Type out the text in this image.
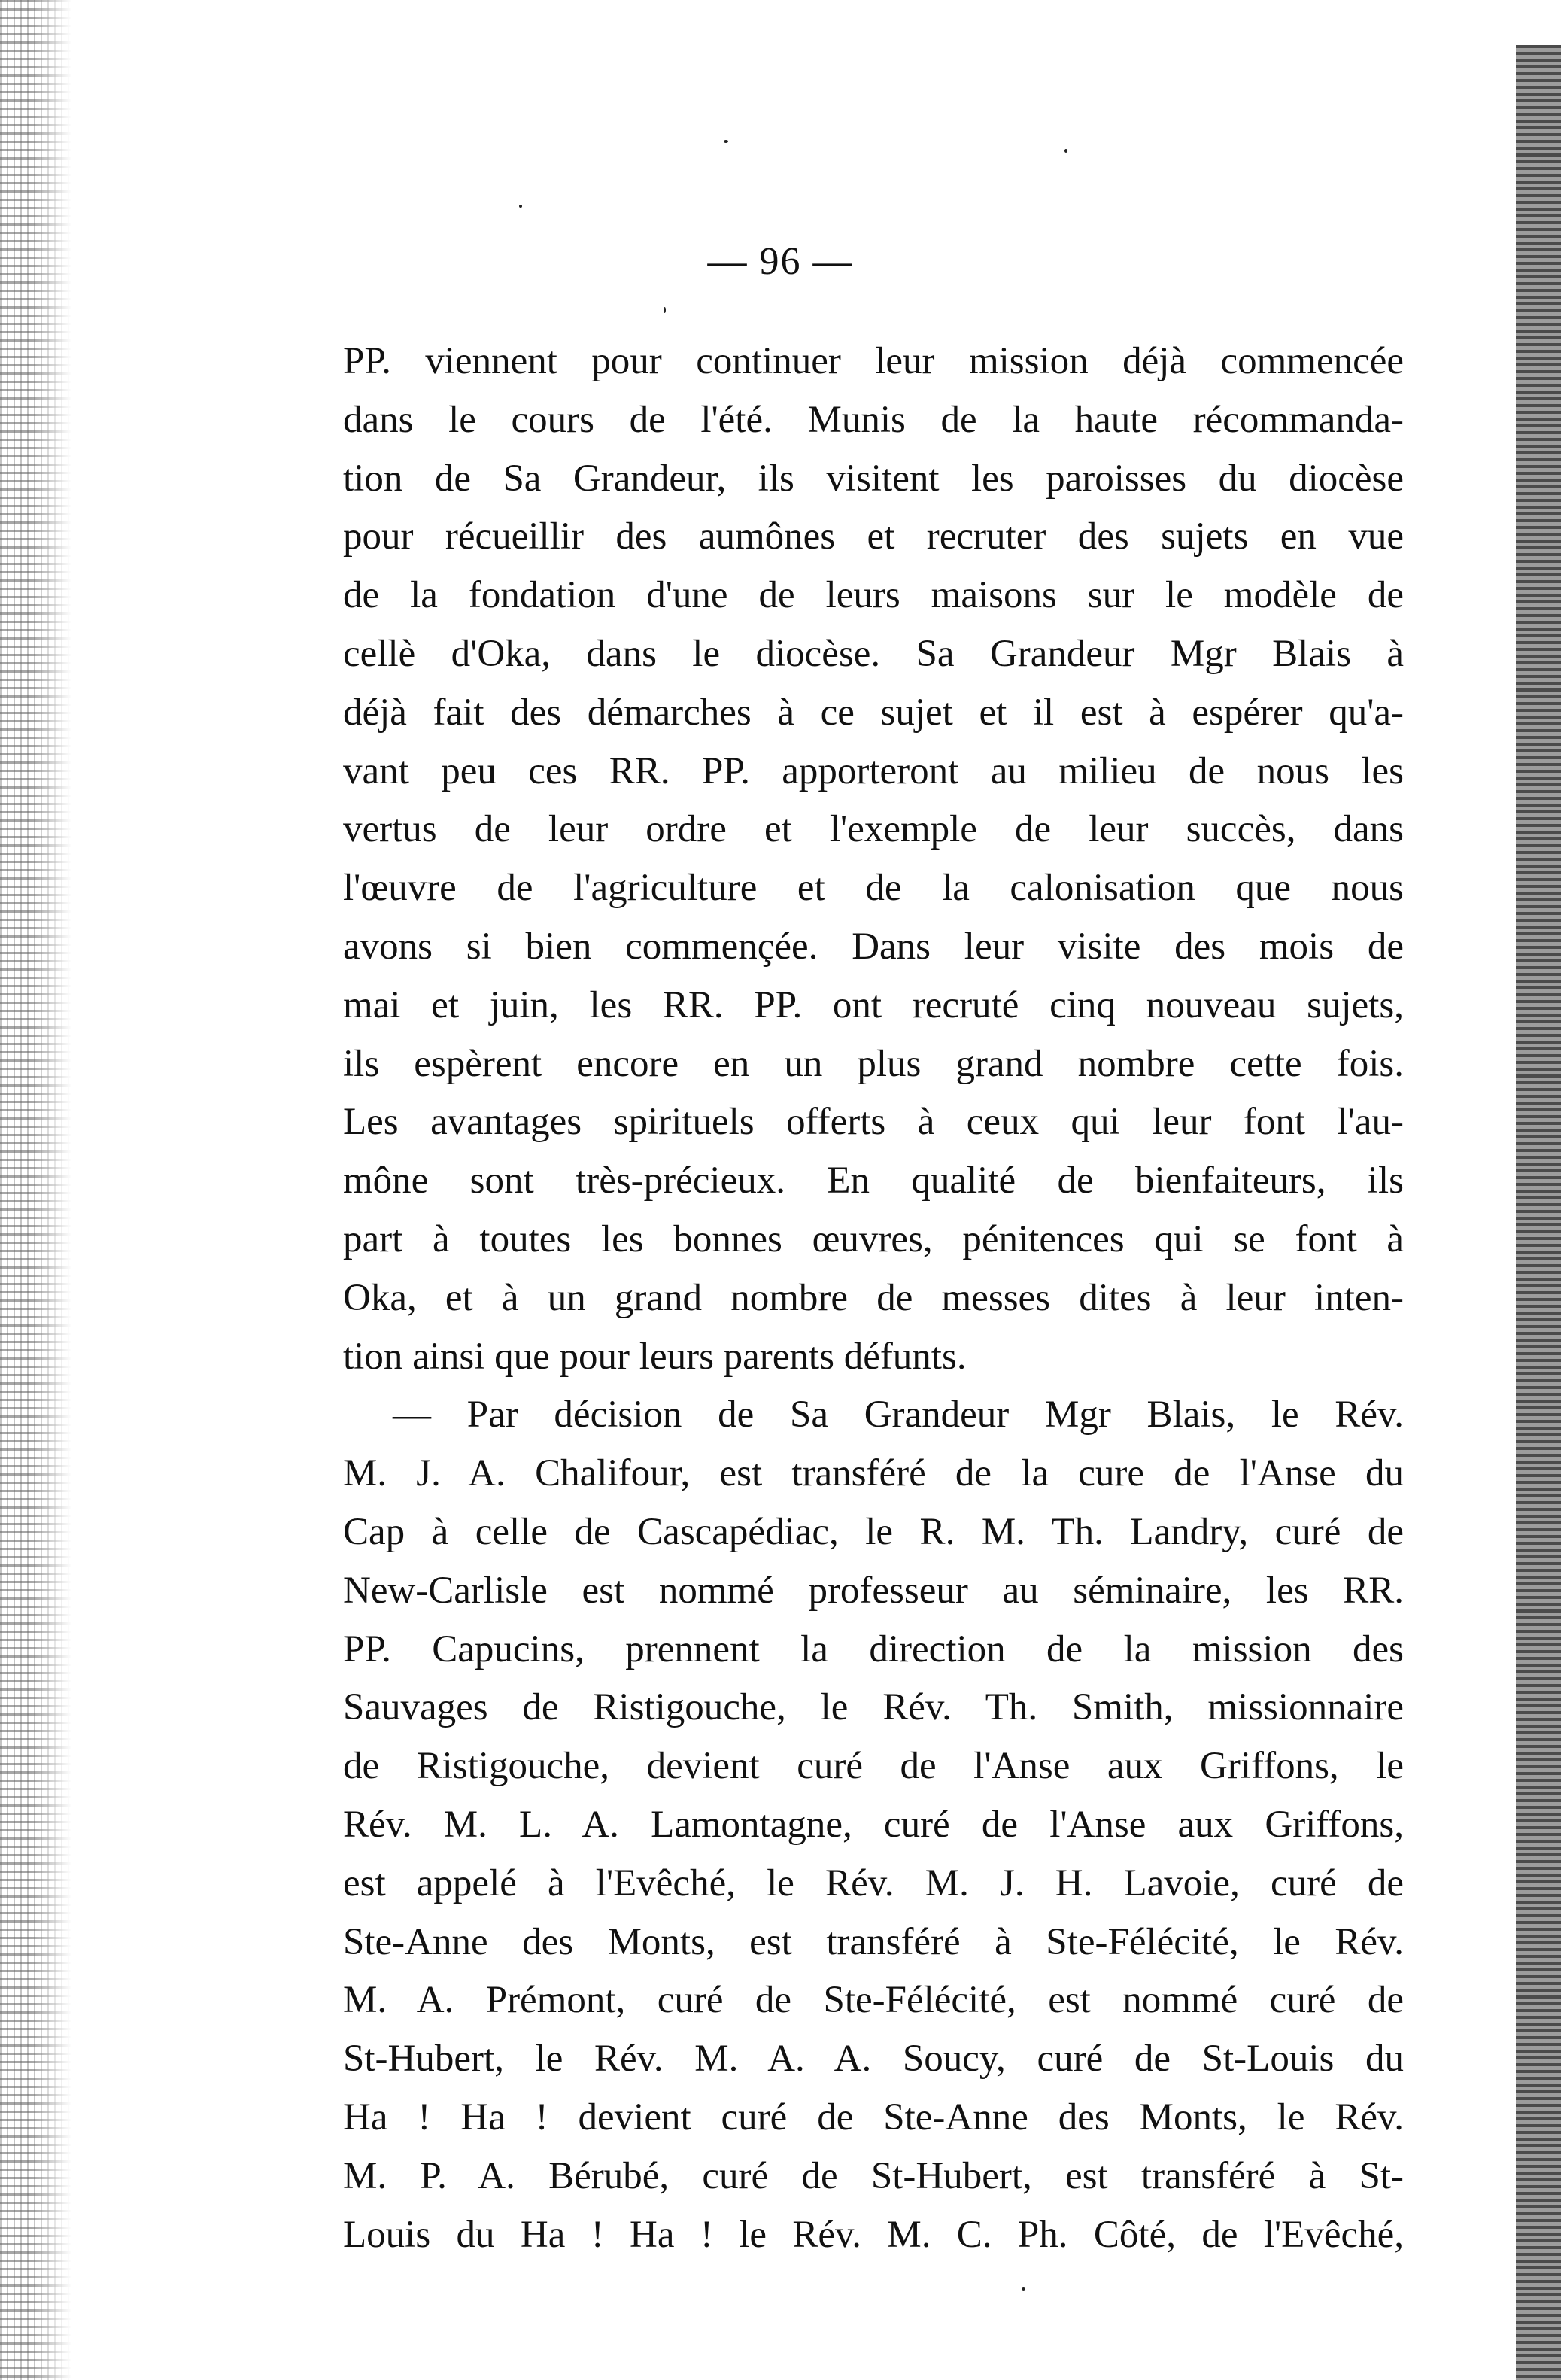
— 96 —
PP. viennent pour continuer leur mission déjà commencée
dans le cours de l'été. Munis de la haute récommanda-
tion de Sa Grandeur, ils visitent les paroisses du diocèse
pour récueillir des aumônes et recruter des sujets en vue
de la fondation d'une de leurs maisons sur le modèle de
cellè d'Oka, dans le diocèse. Sa Grandeur Mgr Blais à
déjà fait des démarches à ce sujet et il est à espérer qu'a-
vant peu ces RR. PP. apporteront au milieu de nous les
vertus de leur ordre et l'exemple de leur succès, dans
l'œuvre de l'agriculture et de la calonisation que nous
avons si bien commençée. Dans leur visite des mois de
mai et juin, les RR. PP. ont recruté cinq nouveau sujets,
ils espèrent encore en un plus grand nombre cette fois.
Les avantages spirituels offerts à ceux qui leur font l'au-
mône sont très-précieux. En qualité de bienfaiteurs, ils
part à toutes les bonnes œuvres, pénitences qui se font à
Oka, et à un grand nombre de messes dites à leur inten-
tion ainsi que pour leurs parents défunts.
— Par décision de Sa Grandeur Mgr Blais, le Rév.
M. J. A. Chalifour, est transféré de la cure de l'Anse du
Cap à celle de Cascapédiac, le R. M. Th. Landry, curé de
New-Carlisle est nommé professeur au séminaire, les RR.
PP. Capucins, prennent la direction de la mission des
Sauvages de Ristigouche, le Rév. Th. Smith, missionnaire
de Ristigouche, devient curé de l'Anse aux Griffons, le
Rév. M. L. A. Lamontagne, curé de l'Anse aux Griffons,
est appelé à l'Evêché, le Rév. M. J. H. Lavoie, curé de
Ste-Anne des Monts, est transféré à Ste-Félécité, le Rév.
M. A. Prémont, curé de Ste-Félécité, est nommé curé de
St-Hubert, le Rév. M. A. A. Soucy, curé de St-Louis du
Ha ! Ha ! devient curé de Ste-Anne des Monts, le Rév.
M. P. A. Bérubé, curé de St-Hubert, est transféré à St-
Louis du Ha ! Ha ! le Rév. M. C. Ph. Côté, de l'Evêché,
